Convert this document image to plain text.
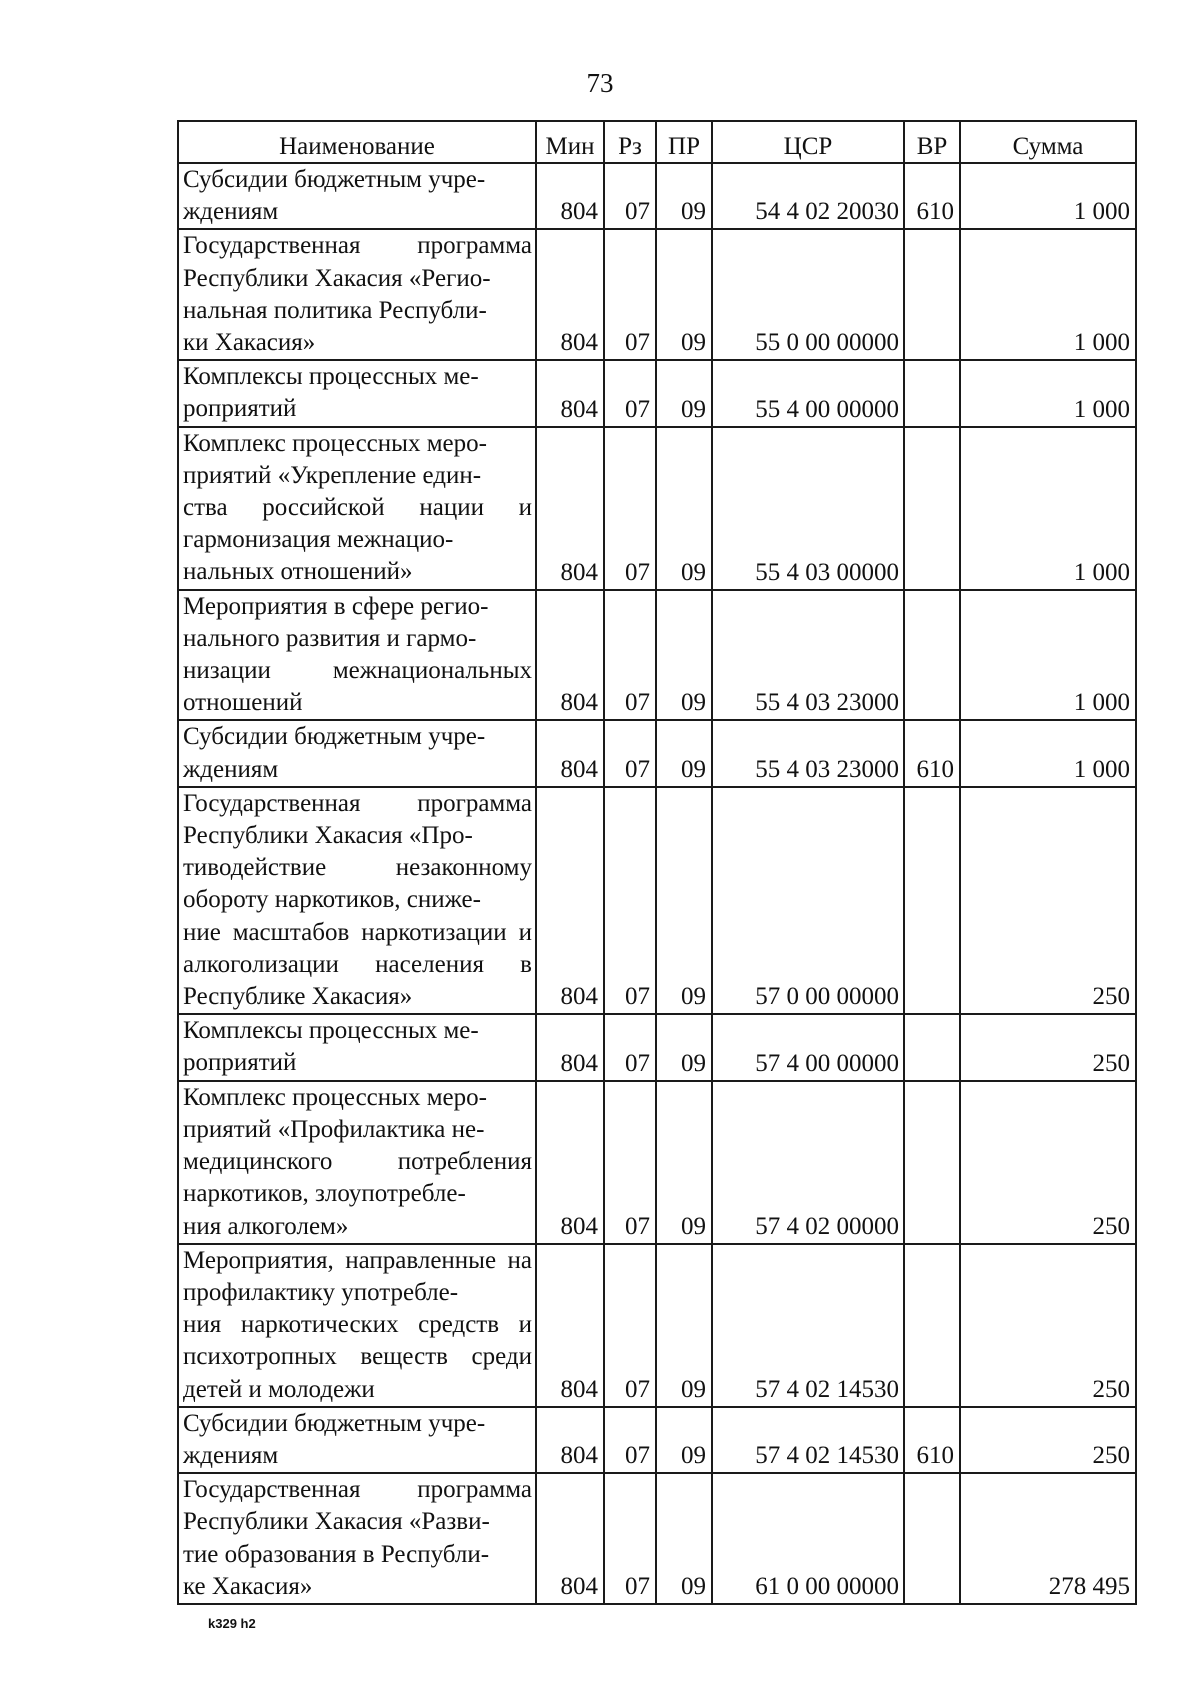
73
Наименование	Мин	Рз	ПР	ЦСР	ВР	Сумма
Субсидии бюджетным учре-
ждениям	804	07	09	54 4 02 20030	610	1 000
Государственная программа Республики Хакасия «Регио-
нальная политика Республи-
ки Хакасия»	804	07	09	55 0 00 00000		1 000
Комплексы процессных ме-
роприятий	804	07	09	55 4 00 00000		1 000
Комплекс процессных меро-
приятий «Укрепление един-
ства российской нации и гармонизация межнацио-
нальных отношений»	804	07	09	55 4 03 00000		1 000
Мероприятия в сфере регио-
нального развития и гармо-
низации межнациональных отношений	804	07	09	55 4 03 23000		1 000
Субсидии бюджетным учре-
ждениям	804	07	09	55 4 03 23000	610	1 000
Государственная программа Республики Хакасия «Про-
тиводействие незаконному обороту наркотиков, сниже-
ние масштабов наркотизации и алкоголизации населения в Республике Хакасия»	804	07	09	57 0 00 00000		250
Комплексы процессных ме-
роприятий	804	07	09	57 4 00 00000		250
Комплекс процессных меро-
приятий «Профилактика не-
медицинского потребления наркотиков, злоупотребле-
ния алкоголем»	804	07	09	57 4 02 00000		250
Мероприятия, направленные на профилактику употребле-
ния наркотических средств и психотропных веществ среди детей и молодежи	804	07	09	57 4 02 14530		250
Субсидии бюджетным учре-
ждениям	804	07	09	57 4 02 14530	610	250
Государственная программа Республики Хакасия «Разви-
тие образования в Республи-
ке Хакасия»	804	07	09	61 0 00 00000		278 495
k329 h2
